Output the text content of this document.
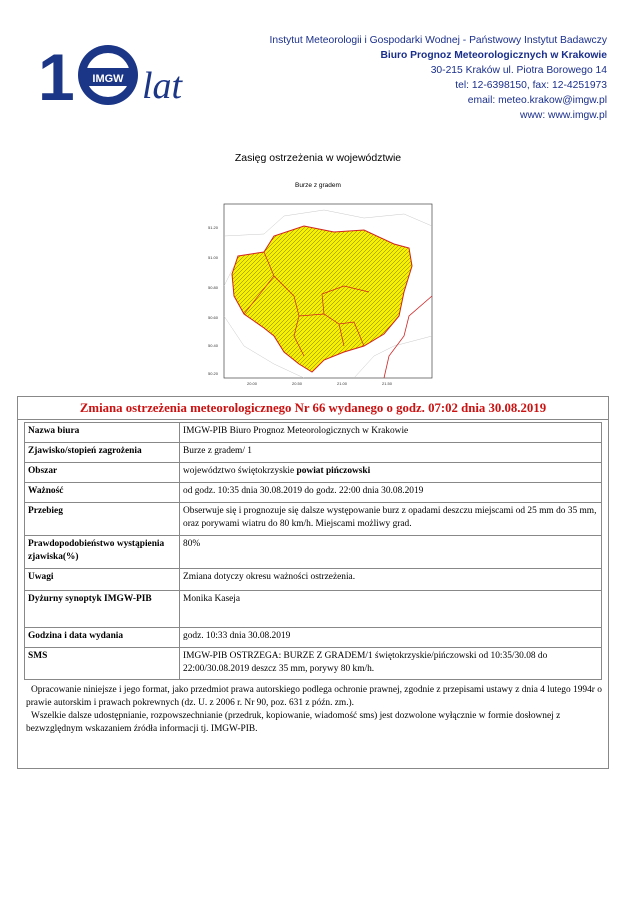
1 IMGW lat
Instytut Meteorologii i Gospodarki Wodnej - Państwowy Instytut Badawczy
Biuro Prognoz Meteorologicznych w Krakowie
30-215 Kraków ul. Piotra Borowego 14
tel: 12-6398150, fax: 12-4251973
email: meteo.krakow@imgw.pl
www: www.imgw.pl
Zasięg ostrzeżenia w województwie
Burze z gradem
51.20
51.00
50.80
50.60
50.40
50.20
20.00	20.50	21.00	21.50
Zmiana ostrzeżenia meteorologicznego Nr 66 wydanego o godz. 07:02 dnia 30.08.2019
Nazwa biura	IMGW-PIB Biuro Prognoz Meteorologicznych w Krakowie
Zjawisko/stopień zagrożenia	Burze z gradem/ 1
Obszar	województwo świętokrzyskie powiat pińczowski
Ważność	od godz. 10:35 dnia 30.08.2019 do godz. 22:00 dnia 30.08.2019
Przebieg	Obserwuje się i prognozuje się dalsze występowanie burz z opadami deszczu miejscami od 25 mm do 35 mm, oraz porywami wiatru do 80 km/h. Miejscami możliwy grad.
Prawdopodobieństwo wystąpienia zjawiska(%)	80%
Uwagi	Zmiana dotyczy okresu ważności ostrzeżenia.
Dyżurny synoptyk IMGW-PIB	Monika Kaseja
Godzina i data wydania	godz. 10:33 dnia 30.08.2019
SMS	IMGW-PIB OSTRZEGA: BURZE Z GRADEM/1 świętokrzyskie/pińczowski od 10:35/30.08 do 22:00/30.08.2019 deszcz 35 mm, porywy 80 km/h.

Opracowanie niniejsze i jego format, jako przedmiot prawa autorskiego podlega ochronie prawnej, zgodnie z przepisami ustawy z dnia 4 lutego 1994r o prawie autorskim i prawach pokrewnych (dz. U. z 2006 r. Nr 90, poz. 631 z późn. zm.).

Wszelkie dalsze udostępnianie, rozpowszechnianie (przedruk, kopiowanie, wiadomość sms) jest dozwolone wyłącznie w formie dosłownej z bezwzględnym wskazaniem źródła informacji tj. IMGW-PIB.
